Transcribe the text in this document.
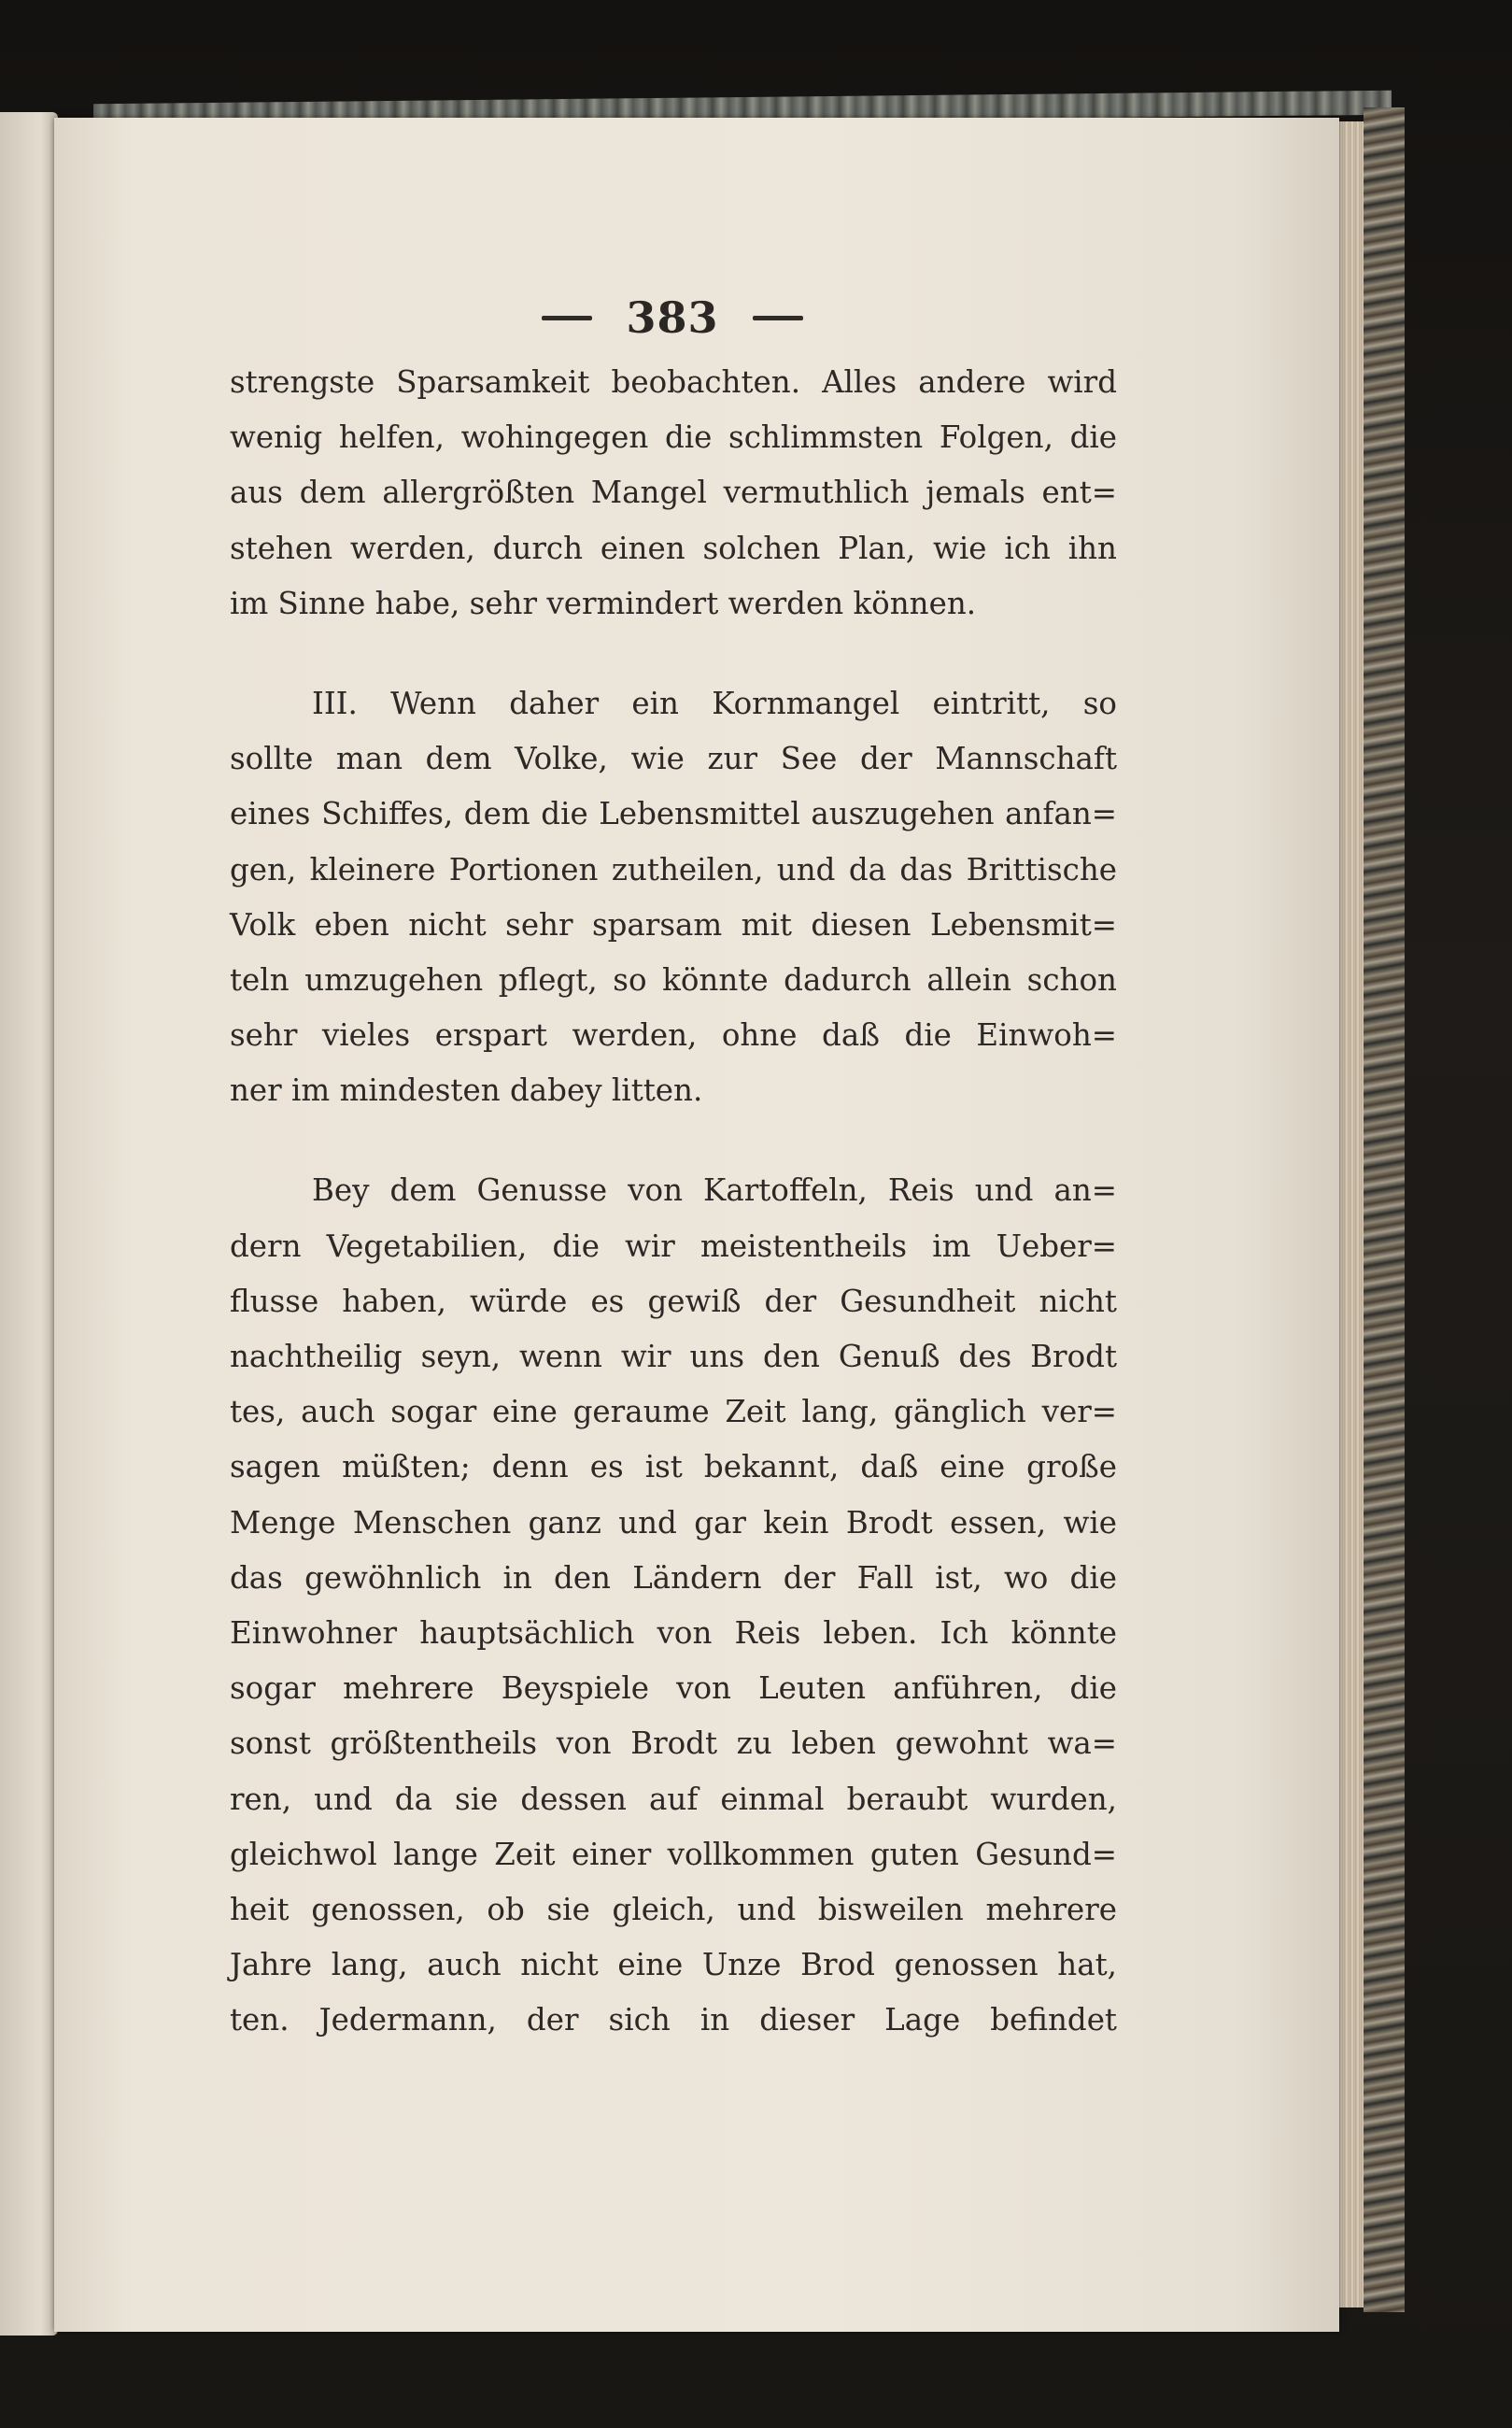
383
strengste Sparsamkeit beobachten. Alles andere wird
wenig helfen, wohingegen die schlimmsten Folgen, die
aus dem allergrößten Mangel vermuthlich jemals ent=
stehen werden, durch einen solchen Plan, wie ich ihn
im Sinne habe, sehr vermindert werden können.
III. Wenn daher ein Kornmangel eintritt, so
sollte man dem Volke, wie zur See der Mannschaft
eines Schiffes, dem die Lebensmittel auszugehen anfan=
gen, kleinere Portionen zutheilen, und da das Brittische
Volk eben nicht sehr sparsam mit diesen Lebensmit=
teln umzugehen pflegt, so könnte dadurch allein schon
sehr vieles erspart werden, ohne daß die Einwoh=
ner im mindesten dabey litten.
Bey dem Genusse von Kartoffeln, Reis und an=
dern Vegetabilien, die wir meistentheils im Ueber=
flusse haben, würde es gewiß der Gesundheit nicht
nachtheilig seyn, wenn wir uns den Genuß des Brodt
tes, auch sogar eine geraume Zeit lang, gänglich ver=
sagen müßten; denn es ist bekannt, daß eine große
Menge Menschen ganz und gar kein Brodt essen, wie
das gewöhnlich in den Ländern der Fall ist, wo die
Einwohner hauptsächlich von Reis leben. Ich könnte
sogar mehrere Beyspiele von Leuten anführen, die
sonst größtentheils von Brodt zu leben gewohnt wa=
ren, und da sie dessen auf einmal beraubt wurden,
gleichwol lange Zeit einer vollkommen guten Gesund=
heit genossen, ob sie gleich, und bisweilen mehrere
Jahre lang, auch nicht eine Unze Brod genossen hat,
ten. Jedermann, der sich in dieser Lage befindet
